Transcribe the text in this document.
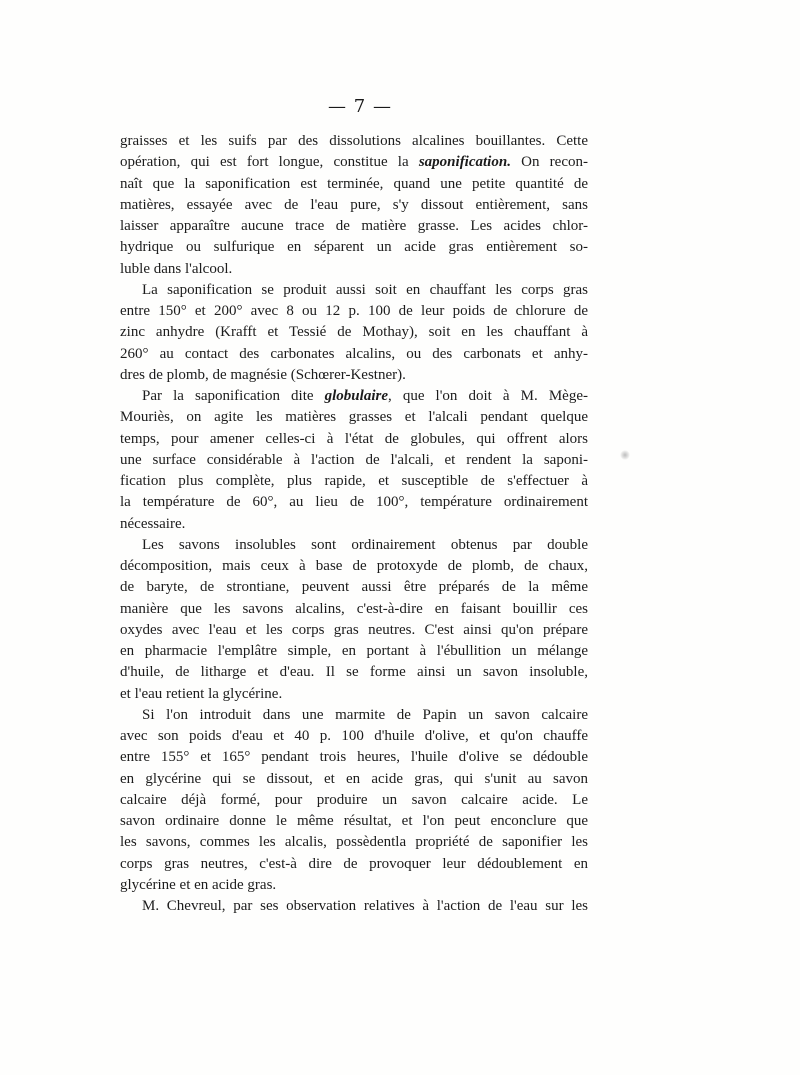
— 7 —
graisses et les suifs par des dissolutions alcalines bouillantes. Cette
opération, qui est fort longue, constitue la saponification. On recon-
naît que la saponification est terminée, quand une petite quantité de
matières, essayée avec de l'eau pure, s'y dissout entièrement, sans
laisser apparaître aucune trace de matière grasse. Les acides chlor-
hydrique ou sulfurique en séparent un acide gras entièrement so-
luble dans l'alcool.
La saponification se produit aussi soit en chauffant les corps gras
entre 150° et 200° avec 8 ou 12 p. 100 de leur poids de chlorure de
zinc anhydre (Krafft et Tessié de Mothay), soit en les chauffant à
260° au contact des carbonates alcalins, ou des carbonats et anhy-
dres de plomb, de magnésie (Schœrer-Kestner).
Par la saponification dite globulaire, que l'on doit à M. Mège-
Mouriès, on agite les matières grasses et l'alcali pendant quelque
temps, pour amener celles-ci à l'état de globules, qui offrent alors
une surface considérable à l'action de l'alcali, et rendent la saponi-
fication plus complète, plus rapide, et susceptible de s'effectuer à
la température de 60°, au lieu de 100°, température ordinairement
nécessaire.
Les savons insolubles sont ordinairement obtenus par double
décomposition, mais ceux à base de protoxyde de plomb, de chaux,
de baryte, de strontiane, peuvent aussi être préparés de la même
manière que les savons alcalins, c'est-à-dire en faisant bouillir ces
oxydes avec l'eau et les corps gras neutres. C'est ainsi qu'on prépare
en pharmacie l'emplâtre simple, en portant à l'ébullition un mélange
d'huile, de litharge et d'eau. Il se forme ainsi un savon insoluble,
et l'eau retient la glycérine.
Si l'on introduit dans une marmite de Papin un savon calcaire
avec son poids d'eau et 40 p. 100 d'huile d'olive, et qu'on chauffe
entre 155° et 165° pendant trois heures, l'huile d'olive se dédouble
en glycérine qui se dissout, et en acide gras, qui s'unit au savon
calcaire déjà formé, pour produire un savon calcaire acide. Le
savon ordinaire donne le même résultat, et l'on peut enconclure que
les savons, commes les alcalis, possèdentla propriété de saponifier les
corps gras neutres, c'est-à dire de provoquer leur dédoublement en
glycérine et en acide gras.
M. Chevreul, par ses observation relatives à l'action de l'eau sur les
